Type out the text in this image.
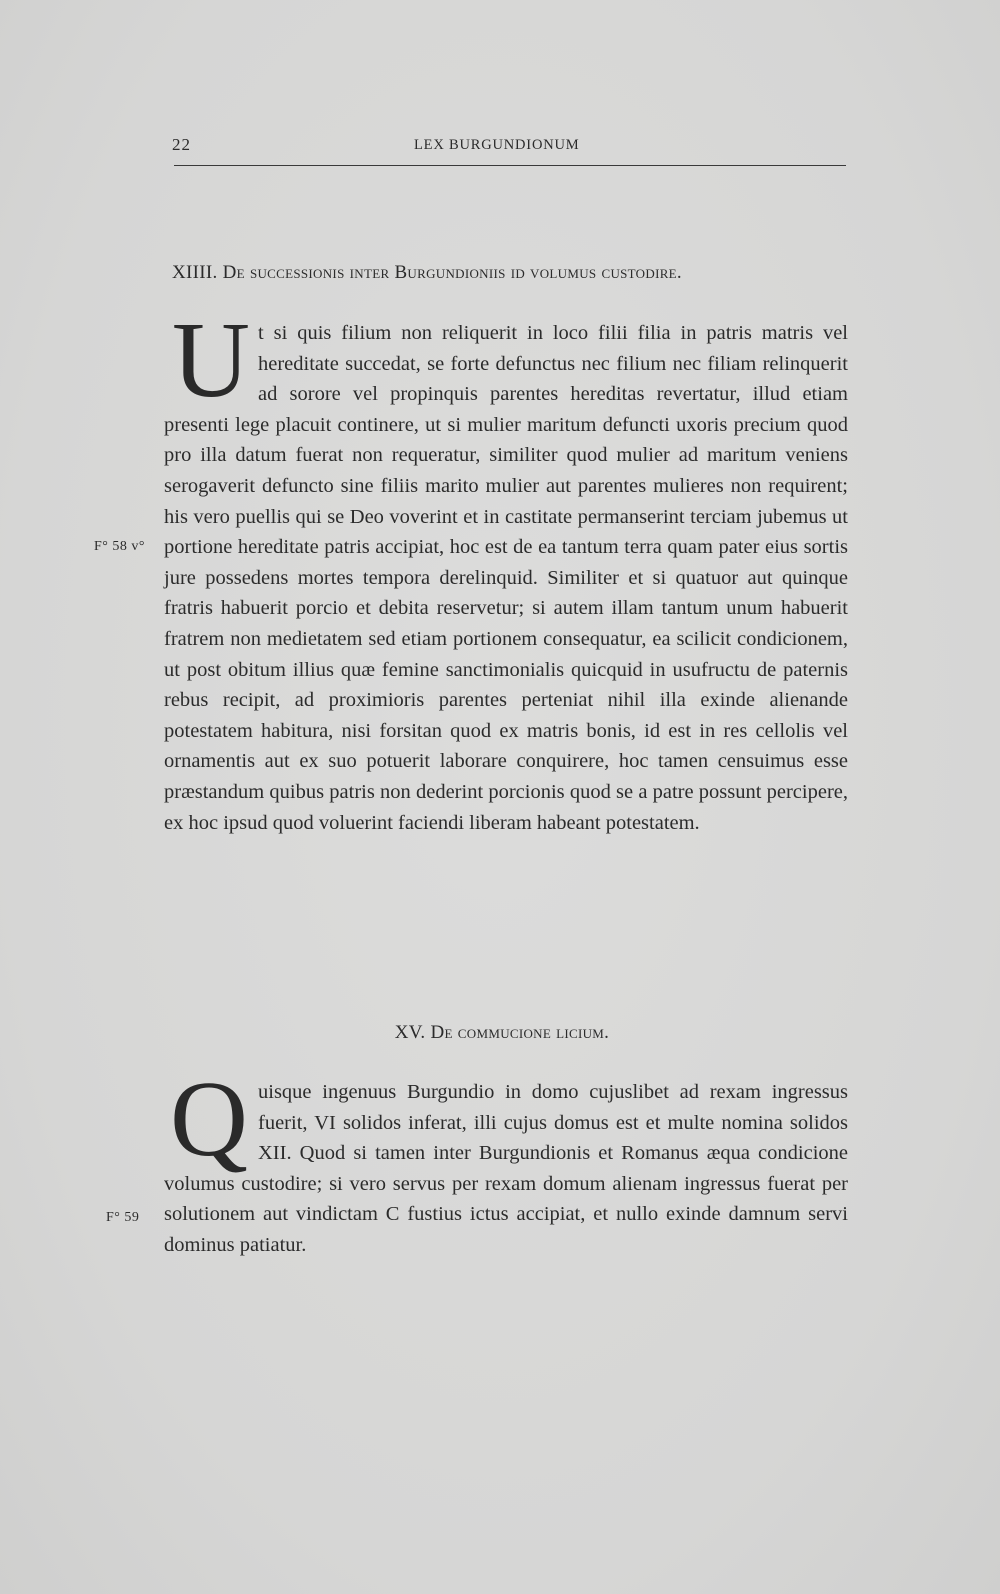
22	LEX BURGUNDIONUM
XIIII. De successionis inter Burgundioniis id volumus custodire.
U t si quis filium non reliquerit in loco filii filia in patris matris vel hereditate succedat, se forte defunctus nec filium nec filiam relinquerit ad sorore vel propinquis parentes hereditas revertatur, illud etiam presenti lege placuit continere, ut si mulier maritum defuncti uxoris precium quod pro illa datum fuerat non requeratur, similiter quod mulier ad maritum veniens serogaverit defuncto sine filiis marito mulier aut parentes mulieres non requirent; his vero puellis qui se Deo voverint et in castitate permanserint terciam jubemus ut portione hereditate patris accipiat, hoc est de ea tantum terra quam pater eius sortis jure possedens mortes tempora derelinquid. Similiter et si quatuor aut quinque fratris habuerit porcio et debita reservetur; si autem illam tantum unum habuerit fratrem non medietatem sed etiam portionem consequatur, ea scilicit condicionem, ut post obitum illius quæ femine sanctimonialis quicquid in usufructu de paternis rebus recipit, ad proximioris parentes perteniat nihil illa exinde alienande potestatem habitura, nisi forsitan quod ex matris bonis, id est in res cellolis vel ornamentis aut ex suo potuerit laborare conquirere, hoc tamen censuimus esse præstandum quibus patris non dederint porcionis quod se a patre possunt percipere, ex hoc ipsud quod voluerint faciendi liberam habeant potestatem.
F° 58 v°
XV. De commucione licium.
Q uisque ingenuus Burgundio in domo cujuslibet ad rexam ingressus fuerit, VI solidos inferat, illi cujus domus est et multe nomina solidos XII. Quod si tamen inter Burgundionis et Romanus æqua condicione volumus custodire; si vero servus per rexam domum alienam ingressus fuerat per solutionem aut vindictam C fustius ictus accipiat, et nullo exinde damnum servi dominus patiatur.
F° 59
